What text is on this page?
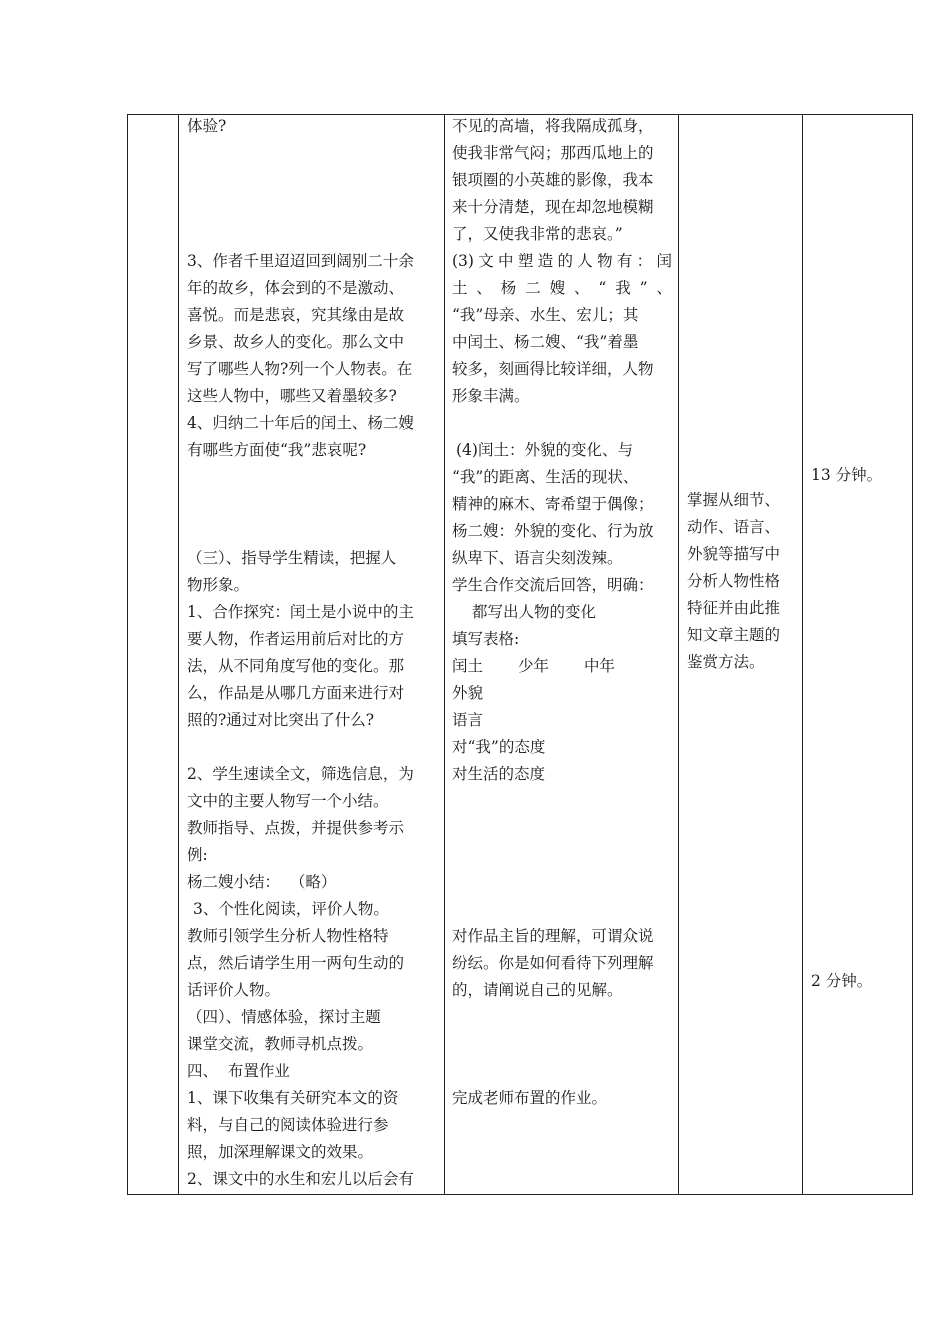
体验?

3、作者千里迢迢回到阔别二十余

年的故乡，体会到的不是激动、

喜悦。而是悲哀，究其缘由是故

乡景、故乡人的变化。那么文中

写了哪些人物?列一个人物表。在

这些人物中，哪些又着墨较多?

4、归纳二十年后的闰土、杨二嫂

有哪些方面使“我”悲哀呢?

（三）、指导学生精读，把握人

物形象。

1、合作探究：闰土是小说中的主

要人物，作者运用前后对比的方

法，从不同角度写他的变化。那

么，作品是从哪几方面来进行对

照的?通过对比突出了什么?

2、学生速读全文，筛选信息，为

文中的主要人物写一个小结。

教师指导、点拨，并提供参考示

例:

杨二嫂小结：  （略）

3、个性化阅读，评价人物。

教师引领学生分析人物性格特

点，然后请学生用一两句生动的

话评价人物。

（四）、情感体验，探讨主题

课堂交流，教师寻机点拨。

四、  布置作业

1、课下收集有关研究本文的资

料，与自己的阅读体验进行参

照，加深理解课文的效果。

2、课文中的水生和宏儿以后会有

不见的高墙，将我隔成孤身，

使我非常气闷；那西瓜地上的

银项圈的小英雄的影像，我本

来十分清楚，现在却忽地模糊

了，又使我非常的悲哀。”

(3)文中塑造的人物有：闰

土、杨二嫂、“我”、

“我”母亲、水生、宏儿；其

中闰土、杨二嫂、“我”着墨

较多，刻画得比较详细，人物

形象丰满。

(4)闰土：外貌的变化、与

“我”的距离、生活的现状、

精神的麻木、寄希望于偶像；

杨二嫂：外貌的变化、行为放

纵卑下、语言尖刻泼辣。

学生合作交流后回答，明确：

都写出人物的变化

填写表格:

闰土 少年 中年

外貌

语言

对“我”的态度

对生活的态度

对作品主旨的理解，可谓众说

纷纭。你是如何看待下列理解

的，请阐说自己的见解。

完成老师布置的作业。

掌握从细节、

动作、语言、

外貌等描写中

分析人物性格

特征并由此推

知文章主题的

鉴赏方法。

13 分钟。

2 分钟。
